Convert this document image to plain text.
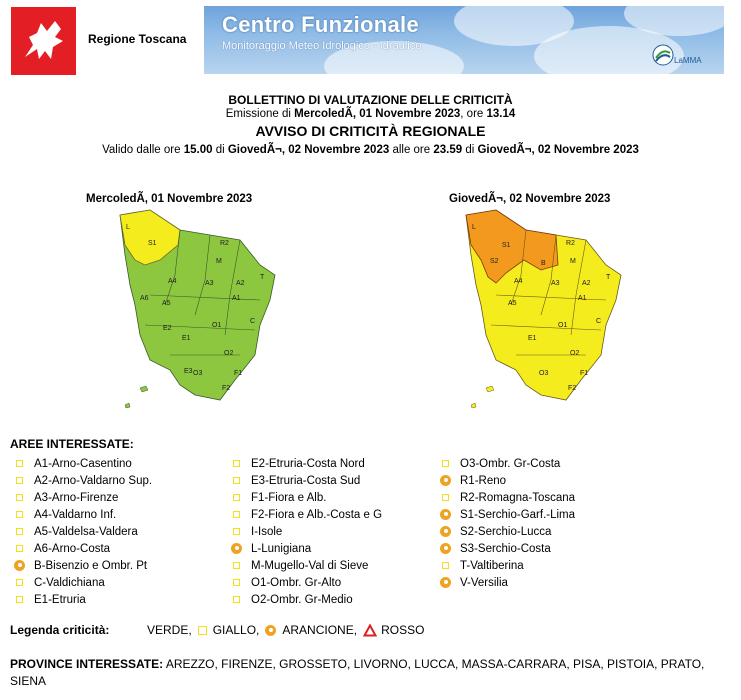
Regione Toscana
Centro Funzionale
Monitoraggio Meteo Idrologico - Idraulico
LaMMA
BOLLETTINO DI VALUTAZIONE DELLE CRITICITÀ
Emissione di MercoledÃ, 01 Novembre 2023, ore 13.14
AVVISO DI CRITICITÀ REGIONALE
Valido dalle ore 15.00 di GiovedÃ¬, 02 Novembre 2023 alle ore 23.59 di GiovedÃ¬, 02 Novembre 2023
MercoledÃ, 01 Novembre 2023	GiovedÃ¬, 02 Novembre 2023
L
S1	R2
M
A4	A3	A2
T
A5
A1
A6
O1
C
E2
E1
O2
O3	F1
F2
E3
L
S1
S2	B
R2
M
A4	A3	A2
T
A5
A1
O1
C
E1
O2
O3	F1
F2
AREE INTERESSATE:
A1-Arno-Casentino
A2-Arno-Valdarno Sup.
A3-Arno-Firenze
A4-Valdarno Inf.
A5-Valdelsa-Valdera
A6-Arno-Costa
B-Bisenzio e Ombr. Pt
C-Valdichiana
E1-Etruria
E2-Etruria-Costa Nord
E3-Etruria-Costa Sud
F1-Fiora e Alb.
F2-Fiora e Alb.-Costa e G
I-Isole
L-Lunigiana
M-Mugello-Val di Sieve
O1-Ombr. Gr-Alto
O2-Ombr. Gr-Medio
O3-Ombr. Gr-Costa
R1-Reno
R2-Romagna-Toscana
S1-Serchio-Garf.-Lima
S2-Serchio-Lucca
S3-Serchio-Costa
T-Valtiberina
V-Versilia
Legenda criticità:	VERDE, GIALLO, ARANCIONE, ROSSO
PROVINCE INTERESSATE: AREZZO, FIRENZE, GROSSETO, LIVORNO, LUCCA, MASSA-CARRARA, PISA, PISTOIA, PRATO, SIENA
